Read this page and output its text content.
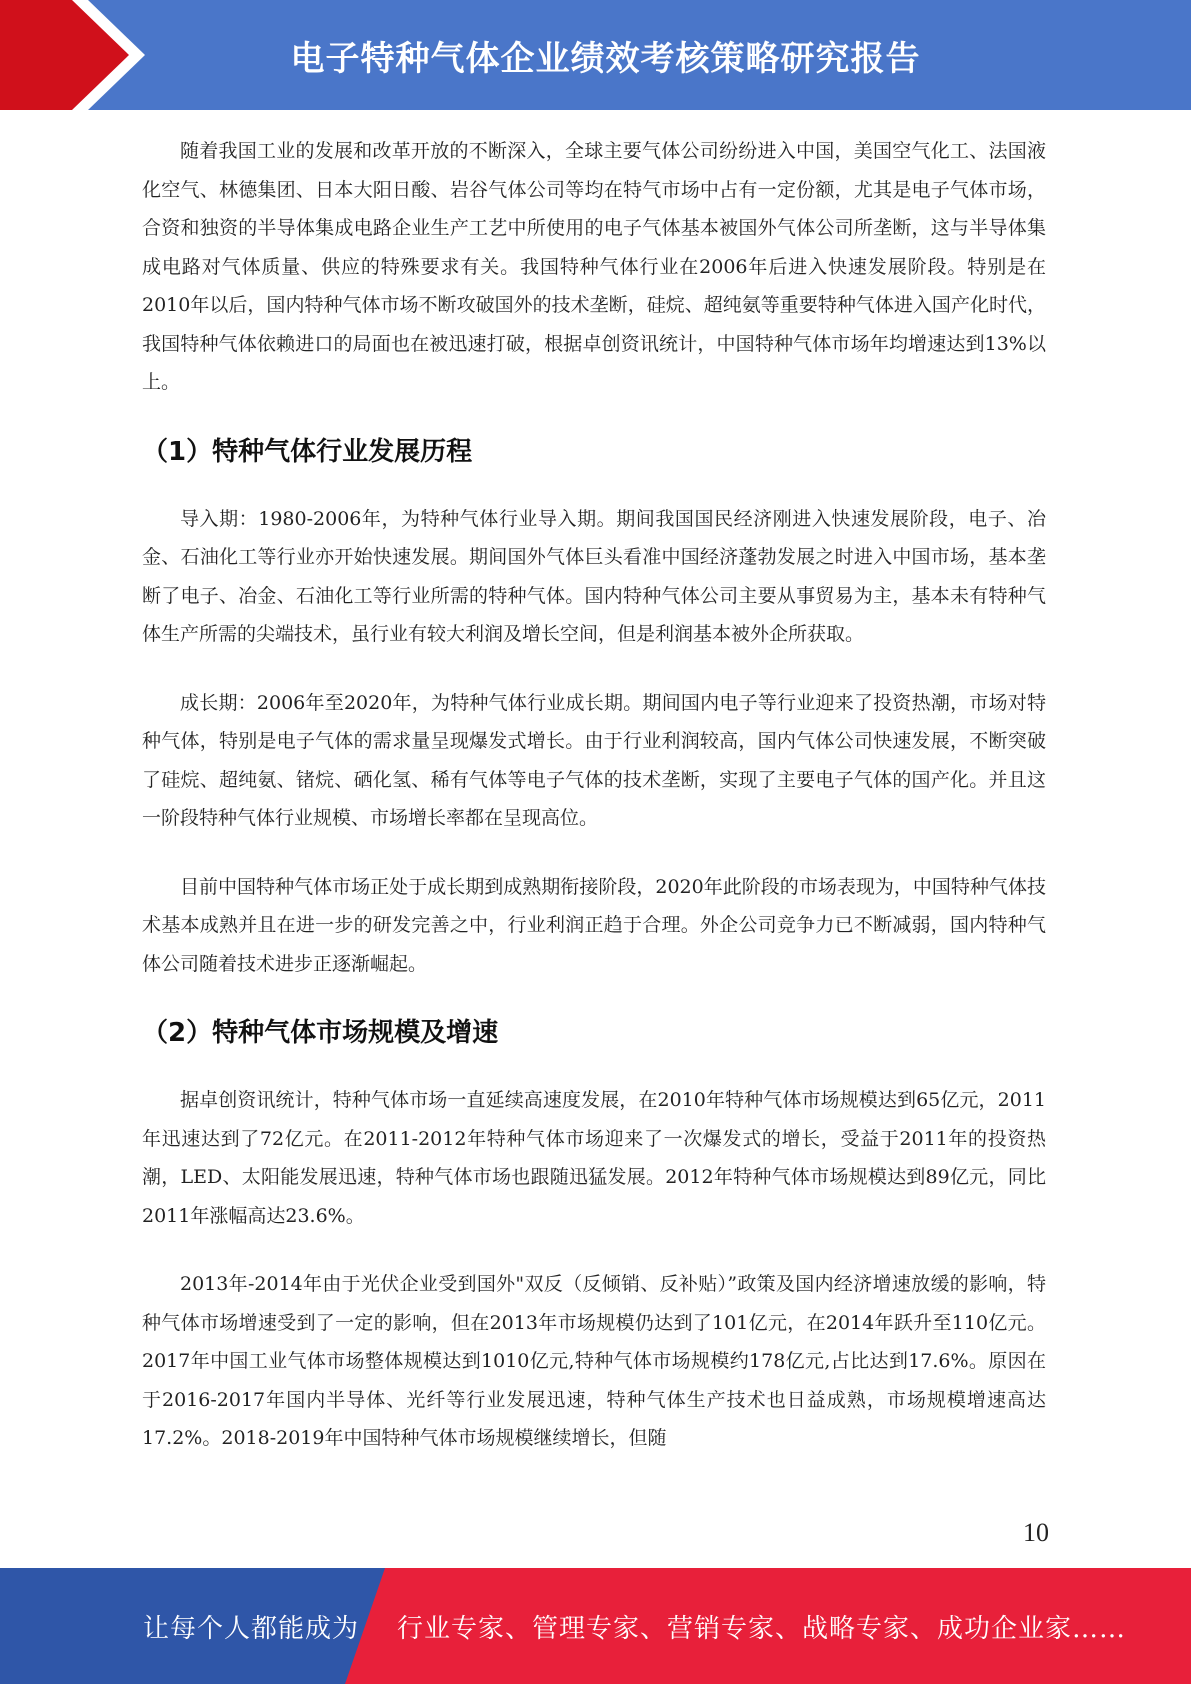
电子特种气体企业绩效考核策略研究报告

随着我国工业的发展和改革开放的不断深入，全球主要气体公司纷纷进入中国，美国空气化工、法国液化空气、林德集团、日本大阳日酸、岩谷气体公司等均在特气市场中占有一定份额，尤其是电子气体市场，合资和独资的半导体集成电路企业生产工艺中所使用的电子气体基本被国外气体公司所垄断，这与半导体集成电路对气体质量、供应的特殊要求有关。我国特种气体行业在2006年后进入快速发展阶段。特别是在2010年以后，国内特种气体市场不断攻破国外的技术垄断，硅烷、超纯氨等重要特种气体进入国产化时代，我国特种气体依赖进口的局面也在被迅速打破，根据卓创资讯统计，中国特种气体市场年均增速达到13%以上。

（1）特种气体行业发展历程

导入期：1980-2006年，为特种气体行业导入期。期间我国国民经济刚进入快速发展阶段，电子、冶金、石油化工等行业亦开始快速发展。期间国外气体巨头看准中国经济蓬勃发展之时进入中国市场，基本垄断了电子、冶金、石油化工等行业所需的特种气体。国内特种气体公司主要从事贸易为主，基本未有特种气体生产所需的尖端技术，虽行业有较大利润及增长空间，但是利润基本被外企所获取。

成长期：2006年至2020年，为特种气体行业成长期。期间国内电子等行业迎来了投资热潮，市场对特种气体，特别是电子气体的需求量呈现爆发式增长。由于行业利润较高，国内气体公司快速发展，不断突破了硅烷、超纯氨、锗烷、硒化氢、稀有气体等电子气体的技术垄断，实现了主要电子气体的国产化。并且这一阶段特种气体行业规模、市场增长率都在呈现高位。

目前中国特种气体市场正处于成长期到成熟期衔接阶段，2020年此阶段的市场表现为，中国特种气体技术基本成熟并且在进一步的研发完善之中，行业利润正趋于合理。外企公司竞争力已不断减弱，国内特种气体公司随着技术进步正逐渐崛起。

（2）特种气体市场规模及增速

据卓创资讯统计，特种气体市场一直延续高速度发展，在2010年特种气体市场规模达到65亿元，2011年迅速达到了72亿元。在2011-2012年特种气体市场迎来了一次爆发式的增长，受益于2011年的投资热潮，LED、太阳能发展迅速，特种气体市场也跟随迅猛发展。2012年特种气体市场规模达到89亿元，同比2011年涨幅高达23.6%。

2013年-2014年由于光伏企业受到国外"双反（反倾销、反补贴）”政策及国内经济增速放缓的影响，特种气体市场增速受到了一定的影响，但在2013年市场规模仍达到了101亿元，在2014年跃升至110亿元。2017年中国工业气体市场整体规模达到1010亿元,特种气体市场规模约178亿元,占比达到17.6%。原因在于2016-2017年国内半导体、光纤等行业发展迅速，特种气体生产技术也日益成熟，市场规模增速高达17.2%。2018-2019年中国特种气体市场规模继续增长，但随

10
让每个人都能成为 行业专家、管理专家、营销专家、战略专家、成功企业家……
